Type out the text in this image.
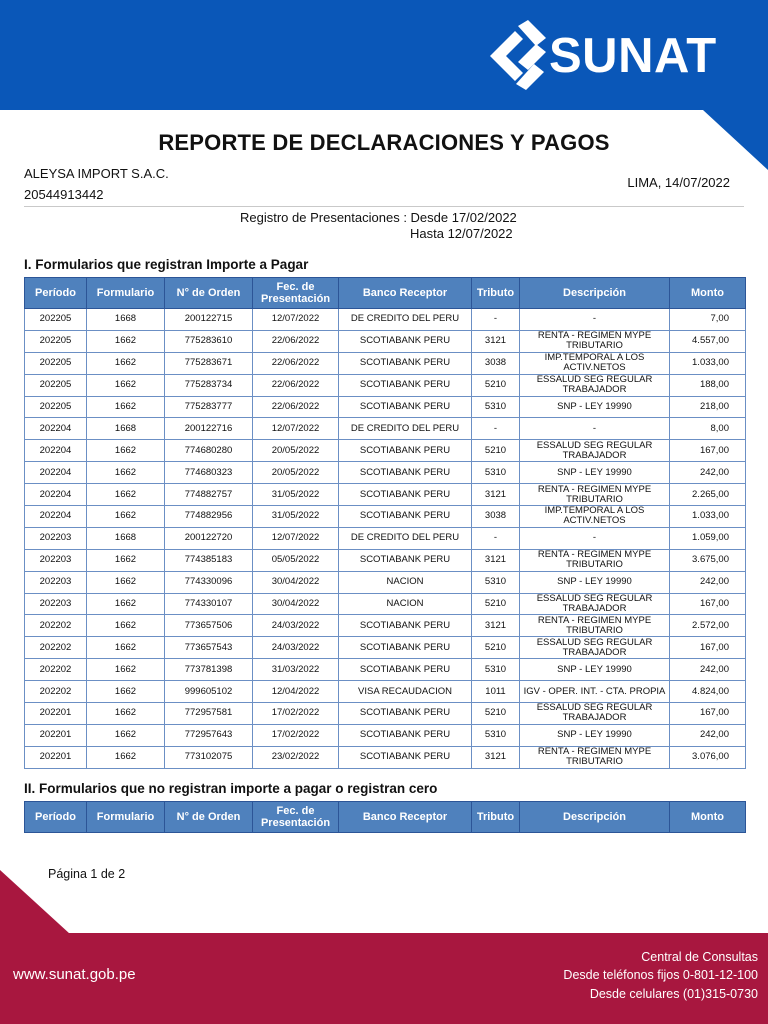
SUNAT
REPORTE DE DECLARACIONES Y PAGOS
ALEYSA IMPORT S.A.C.
20544913442
LIMA, 14/07/2022
Registro de Presentaciones : Desde 17/02/2022
Hasta 12/07/2022
I. Formularios que registran Importe a Pagar
Período	Formulario	N° de Orden	Fec. de Presentación	Banco Receptor	Tributo	Descripción	Monto
202205	1668	200122715	12/07/2022	DE CREDITO DEL PERU	-	-	7,00
202205	1662	775283610	22/06/2022	SCOTIABANK PERU	3121	RENTA - REGIMEN MYPE TRIBUTARIO	4.557,00
202205	1662	775283671	22/06/2022	SCOTIABANK PERU	3038	IMP.TEMPORAL A LOS ACTIV.NETOS	1.033,00
202205	1662	775283734	22/06/2022	SCOTIABANK PERU	5210	ESSALUD SEG REGULAR TRABAJADOR	188,00
202205	1662	775283777	22/06/2022	SCOTIABANK PERU	5310	SNP - LEY 19990	218,00
202204	1668	200122716	12/07/2022	DE CREDITO DEL PERU	-	-	8,00
202204	1662	774680280	20/05/2022	SCOTIABANK PERU	5210	ESSALUD SEG REGULAR TRABAJADOR	167,00
202204	1662	774680323	20/05/2022	SCOTIABANK PERU	5310	SNP - LEY 19990	242,00
202204	1662	774882757	31/05/2022	SCOTIABANK PERU	3121	RENTA - REGIMEN MYPE TRIBUTARIO	2.265,00
202204	1662	774882956	31/05/2022	SCOTIABANK PERU	3038	IMP.TEMPORAL A LOS ACTIV.NETOS	1.033,00
202203	1668	200122720	12/07/2022	DE CREDITO DEL PERU	-	-	1.059,00
202203	1662	774385183	05/05/2022	SCOTIABANK PERU	3121	RENTA - REGIMEN MYPE TRIBUTARIO	3.675,00
202203	1662	774330096	30/04/2022	NACION	5310	SNP - LEY 19990	242,00
202203	1662	774330107	30/04/2022	NACION	5210	ESSALUD SEG REGULAR TRABAJADOR	167,00
202202	1662	773657506	24/03/2022	SCOTIABANK PERU	3121	RENTA - REGIMEN MYPE TRIBUTARIO	2.572,00
202202	1662	773657543	24/03/2022	SCOTIABANK PERU	5210	ESSALUD SEG REGULAR TRABAJADOR	167,00
202202	1662	773781398	31/03/2022	SCOTIABANK PERU	5310	SNP - LEY 19990	242,00
202202	1662	999605102	12/04/2022	VISA RECAUDACION	1011	IGV - OPER. INT. - CTA. PROPIA	4.824,00
202201	1662	772957581	17/02/2022	SCOTIABANK PERU	5210	ESSALUD SEG REGULAR TRABAJADOR	167,00
202201	1662	772957643	17/02/2022	SCOTIABANK PERU	5310	SNP - LEY 19990	242,00
202201	1662	773102075	23/02/2022	SCOTIABANK PERU	3121	RENTA - REGIMEN MYPE TRIBUTARIO	3.076,00
II. Formularios que no registran importe a pagar o registran cero
Período	Formulario	N° de Orden	Fec. de Presentación	Banco Receptor	Tributo	Descripción	Monto
Página 1 de 2
www.sunat.gob.pe
Central de Consultas
Desde teléfonos fijos 0-801-12-100
Desde celulares (01)315-0730
